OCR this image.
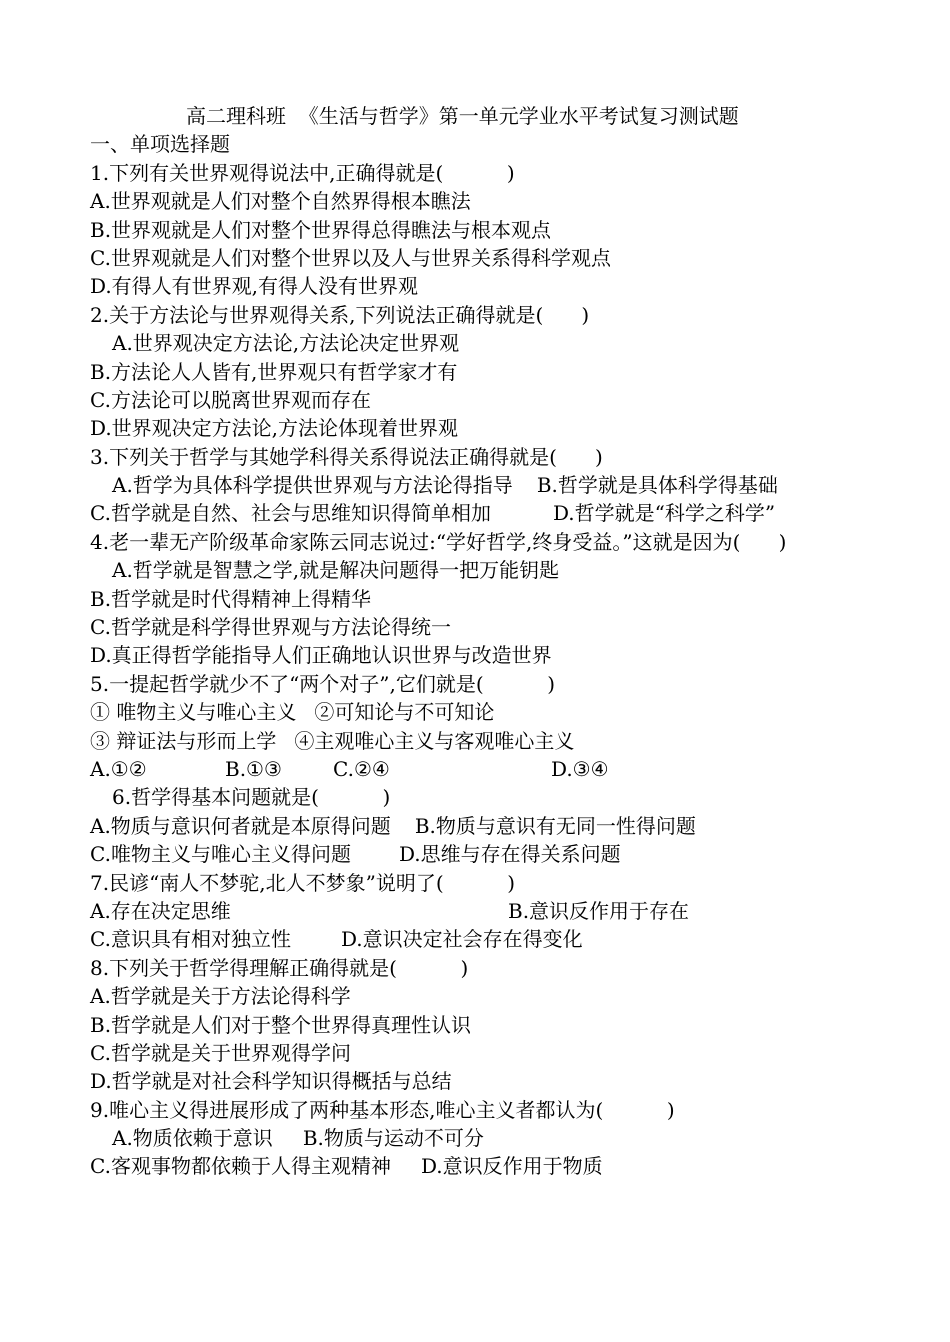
高二理科班  《生活与哲学》第一单元学业水平考试复习测试题
一、单项选择题
1.下列有关世界观得说法中,正确得就是(          )
A.世界观就是人们对整个自然界得根本瞧法
B.世界观就是人们对整个世界得总得瞧法与根本观点
C.世界观就是人们对整个世界以及人与世界关系得科学观点
D.有得人有世界观,有得人没有世界观
2.关于方法论与世界观得关系,下列说法正确得就是(      )
A.世界观决定方法论,方法论决定世界观
B.方法论人人皆有,世界观只有哲学家才有
C.方法论可以脱离世界观而存在
D.世界观决定方法论,方法论体现着世界观
3.下列关于哲学与其她学科得关系得说法正确得就是(      )
A.哲学为具体科学提供世界观与方法论得指导 B.哲学就是具体科学得基础
C.哲学就是自然、社会与思维知识得简单相加	D.哲学就是“科学之科学”
4.老一辈无产阶级革命家陈云同志说过:“学好哲学,终身受益。”这就是因为(      )
A.哲学就是智慧之学,就是解决问题得一把万能钥匙
B.哲学就是时代得精神上得精华
C.哲学就是科学得世界观与方法论得统一
D.真正得哲学能指导人们正确地认识世界与改造世界
5.一提起哲学就少不了“两个对子”,它们就是(          )
① 唯物主义与唯心主义 ②可知论与不可知论
③ 辩证法与形而上学 ④主观唯心主义与客观唯心主义
A.①②	B.①③	C.②④	D.③④
6.哲学得基本问题就是(          )
A.物质与意识何者就是本原得问题 B.物质与意识有无同一性得问题
C.唯物主义与唯心主义得问题 D.思维与存在得关系问题
7.民谚“南人不梦驼,北人不梦象”说明了(          )
A.存在决定思维	B.意识反作用于存在
C.意识具有相对独立性	D.意识决定社会存在得变化
8.下列关于哲学得理解正确得就是(          )
A.哲学就是关于方法论得科学
B.哲学就是人们对于整个世界得真理性认识
C.哲学就是关于世界观得学问
D.哲学就是对社会科学知识得概括与总结
9.唯心主义得进展形成了两种基本形态,唯心主义者都认为(          )
A.物质依赖于意识 B.物质与运动不可分
C.客观事物都依赖于人得主观精神 D.意识反作用于物质
